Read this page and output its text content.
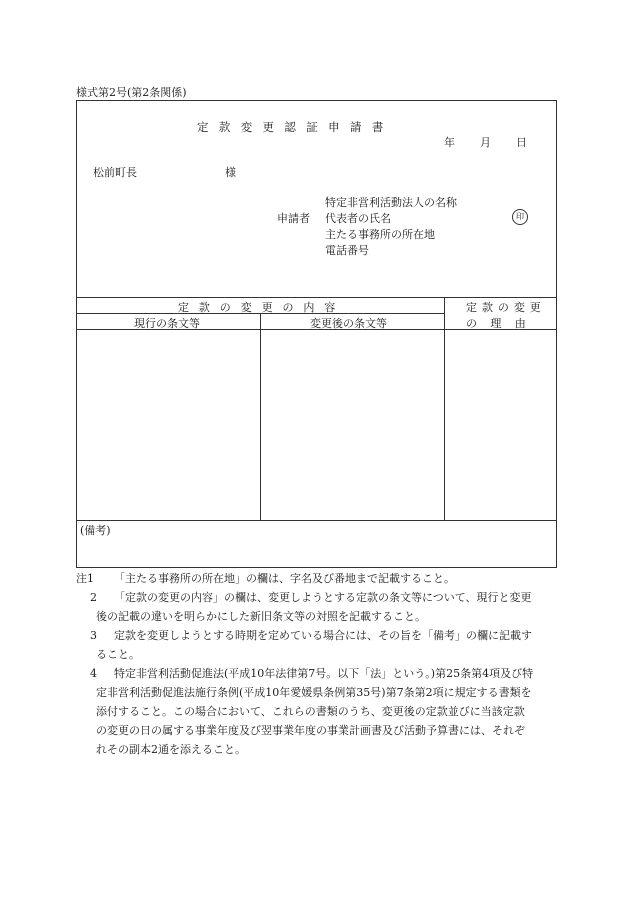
様式第2号(第2条関係)
定款変更認証申請書
年 月 日
松前町長	様
申請者
特定非営利活動法人の名称
代表者の氏名
主たる事務所の所在地
電話番号
印
定款の変更の内容
現行の条文等	変更後の条文等
定款の変更
の 理 由
(備考)
注1 「主たる事務所の所在地」の欄は、字名及び番地まで記載すること。
2 「定款の変更の内容」の欄は、変更しようとする定款の条文等について、現行と変更
後の記載の違いを明らかにした新旧条文等の対照を記載すること。
3 定款を変更しようとする時期を定めている場合には、その旨を「備考」の欄に記載す
ること。
4 特定非営利活動促進法(平成10年法律第7号。以下「法」という。)第25条第4項及び特
定非営利活動促進法施行条例(平成10年愛媛県条例第35号)第7条第2項に規定する書類を
添付すること。この場合において、これらの書類のうち、変更後の定款並びに当該定款
の変更の日の属する事業年度及び翌事業年度の事業計画書及び活動予算書には、それぞ
れその副本2通を添えること。
